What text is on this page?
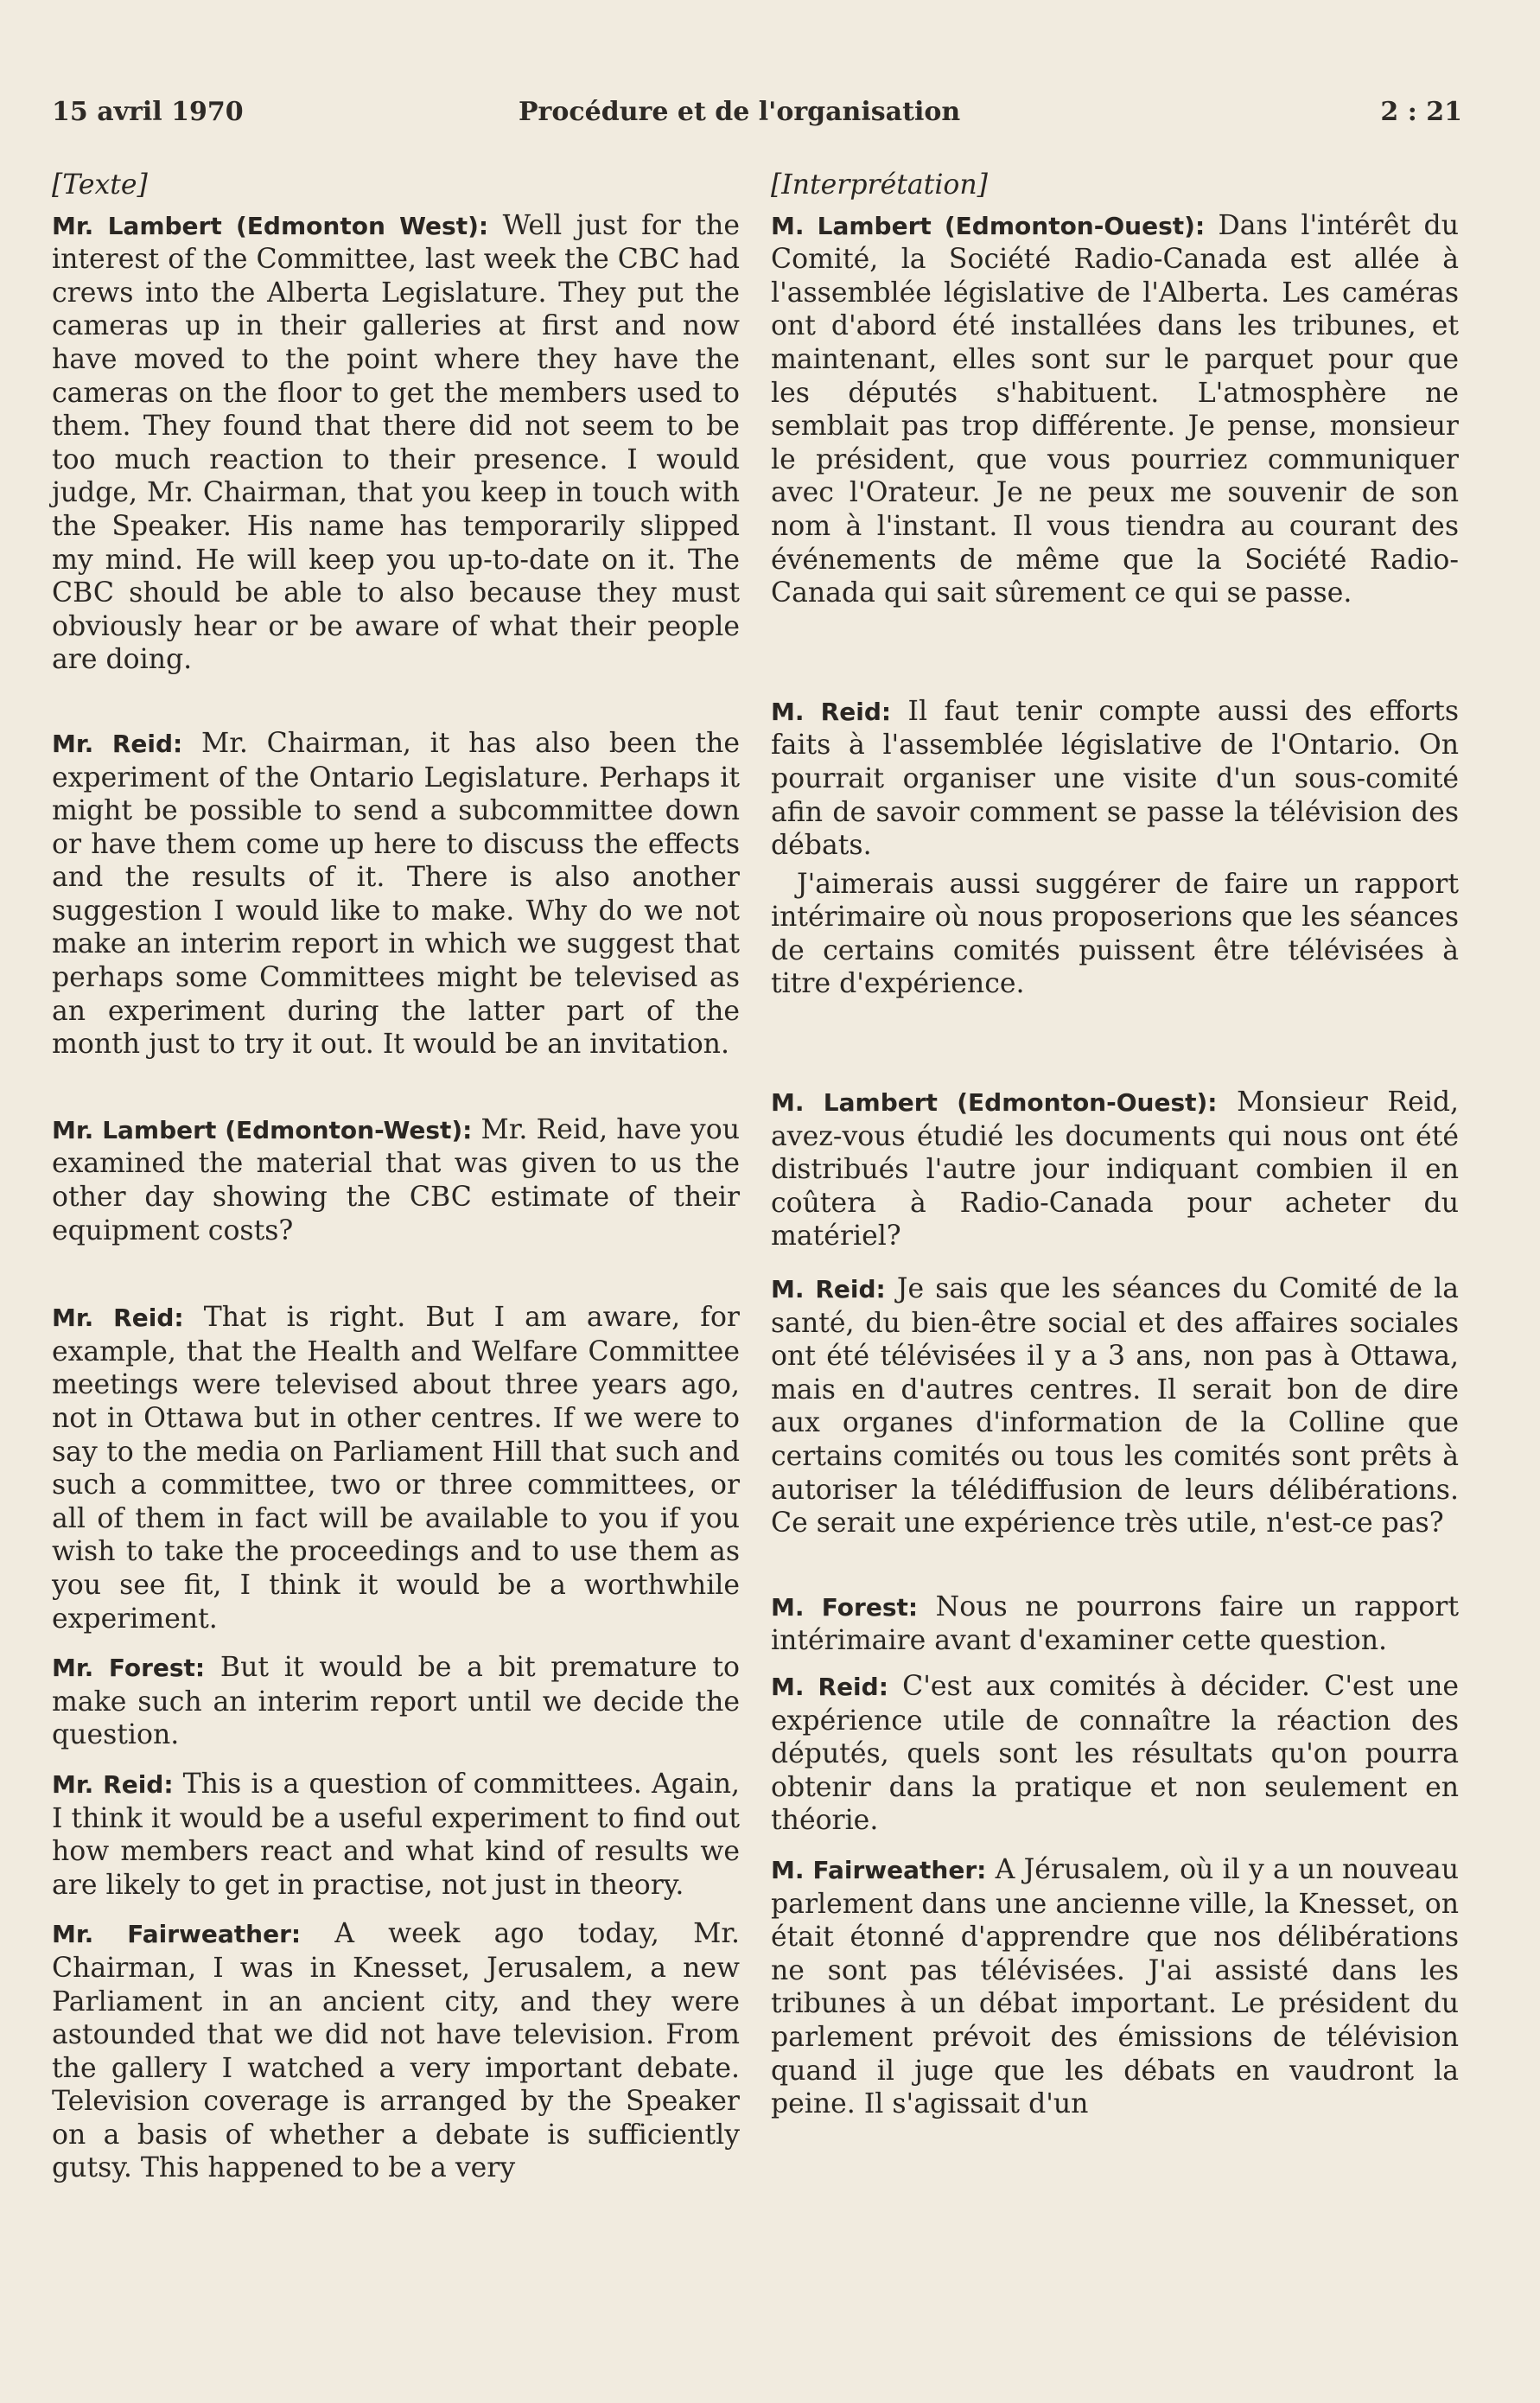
15 avril 1970	Procédure et de l'organisation	2 : 21
[Texte]

Mr. Lambert (Edmonton West): Well just for the interest of the Committee, last week the CBC had crews into the Alberta Legislature. They put the cameras up in their galleries at first and now have moved to the point where they have the cameras on the floor to get the members used to them. They found that there did not seem to be too much reaction to their presence. I would judge, Mr. Chairman, that you keep in touch with the Speaker. His name has temporarily slipped my mind. He will keep you up-to-date on it. The CBC should be able to also because they must obviously hear or be aware of what their people are doing.

Mr. Reid: Mr. Chairman, it has also been the experiment of the Ontario Legislature. Perhaps it might be possible to send a subcommittee down or have them come up here to discuss the effects and the results of it. There is also another suggestion I would like to make. Why do we not make an interim report in which we suggest that perhaps some Committees might be televised as an experiment during the latter part of the month just to try it out. It would be an invitation.

Mr. Lambert (Edmonton-West): Mr. Reid, have you examined the material that was given to us the other day showing the CBC estimate of their equipment costs?

Mr. Reid: That is right. But I am aware, for example, that the Health and Welfare Committee meetings were televised about three years ago, not in Ottawa but in other centres. If we were to say to the media on Parliament Hill that such and such a committee, two or three committees, or all of them in fact will be available to you if you wish to take the proceedings and to use them as you see fit, I think it would be a worthwhile experiment.

Mr. Forest: But it would be a bit premature to make such an interim report until we decide the question.

Mr. Reid: This is a question of committees. Again, I think it would be a useful experiment to find out how members react and what kind of results we are likely to get in practise, not just in theory.

Mr. Fairweather: A week ago today, Mr. Chairman, I was in Knesset, Jerusalem, a new Parliament in an ancient city, and they were astounded that we did not have television. From the gallery I watched a very important debate. Television coverage is arranged by the Speaker on a basis of whether a debate is sufficiently gutsy. This happened to be a very

[Interprétation]

M. Lambert (Edmonton-Ouest): Dans l'intérêt du Comité, la Société Radio-Canada est allée à l'assemblée législative de l'Alberta. Les caméras ont d'abord été installées dans les tribunes, et maintenant, elles sont sur le parquet pour que les députés s'habituent. L'atmosphère ne semblait pas trop différente. Je pense, monsieur le président, que vous pourriez communiquer avec l'Orateur. Je ne peux me souvenir de son nom à l'instant. Il vous tiendra au courant des événements de même que la Société Radio-Canada qui sait sûrement ce qui se passe.

M. Reid: Il faut tenir compte aussi des efforts faits à l'assemblée législative de l'Ontario. On pourrait organiser une visite d'un sous-comité afin de savoir comment se passe la télévision des débats.

J'aimerais aussi suggérer de faire un rapport intérimaire où nous proposerions que les séances de certains comités puissent être télévisées à titre d'expérience.

M. Lambert (Edmonton-Ouest): Monsieur Reid, avez-vous étudié les documents qui nous ont été distribués l'autre jour indiquant combien il en coûtera à Radio-Canada pour acheter du matériel?

M. Reid: Je sais que les séances du Comité de la santé, du bien-être social et des affaires sociales ont été télévisées il y a 3 ans, non pas à Ottawa, mais en d'autres centres. Il serait bon de dire aux organes d'information de la Colline que certains comités ou tous les comités sont prêts à autoriser la télédiffusion de leurs délibérations. Ce serait une expérience très utile, n'est-ce pas?

M. Forest: Nous ne pourrons faire un rapport intérimaire avant d'examiner cette question.

M. Reid: C'est aux comités à décider. C'est une expérience utile de connaître la réaction des députés, quels sont les résultats qu'on pourra obtenir dans la pratique et non seulement en théorie.

M. Fairweather: A Jérusalem, où il y a un nouveau parlement dans une ancienne ville, la Knesset, on était étonné d'apprendre que nos délibérations ne sont pas télévisées. J'ai assisté dans les tribunes à un débat important. Le président du parlement prévoit des émissions de télévision quand il juge que les débats en vaudront la peine. Il s'agissait d'un
